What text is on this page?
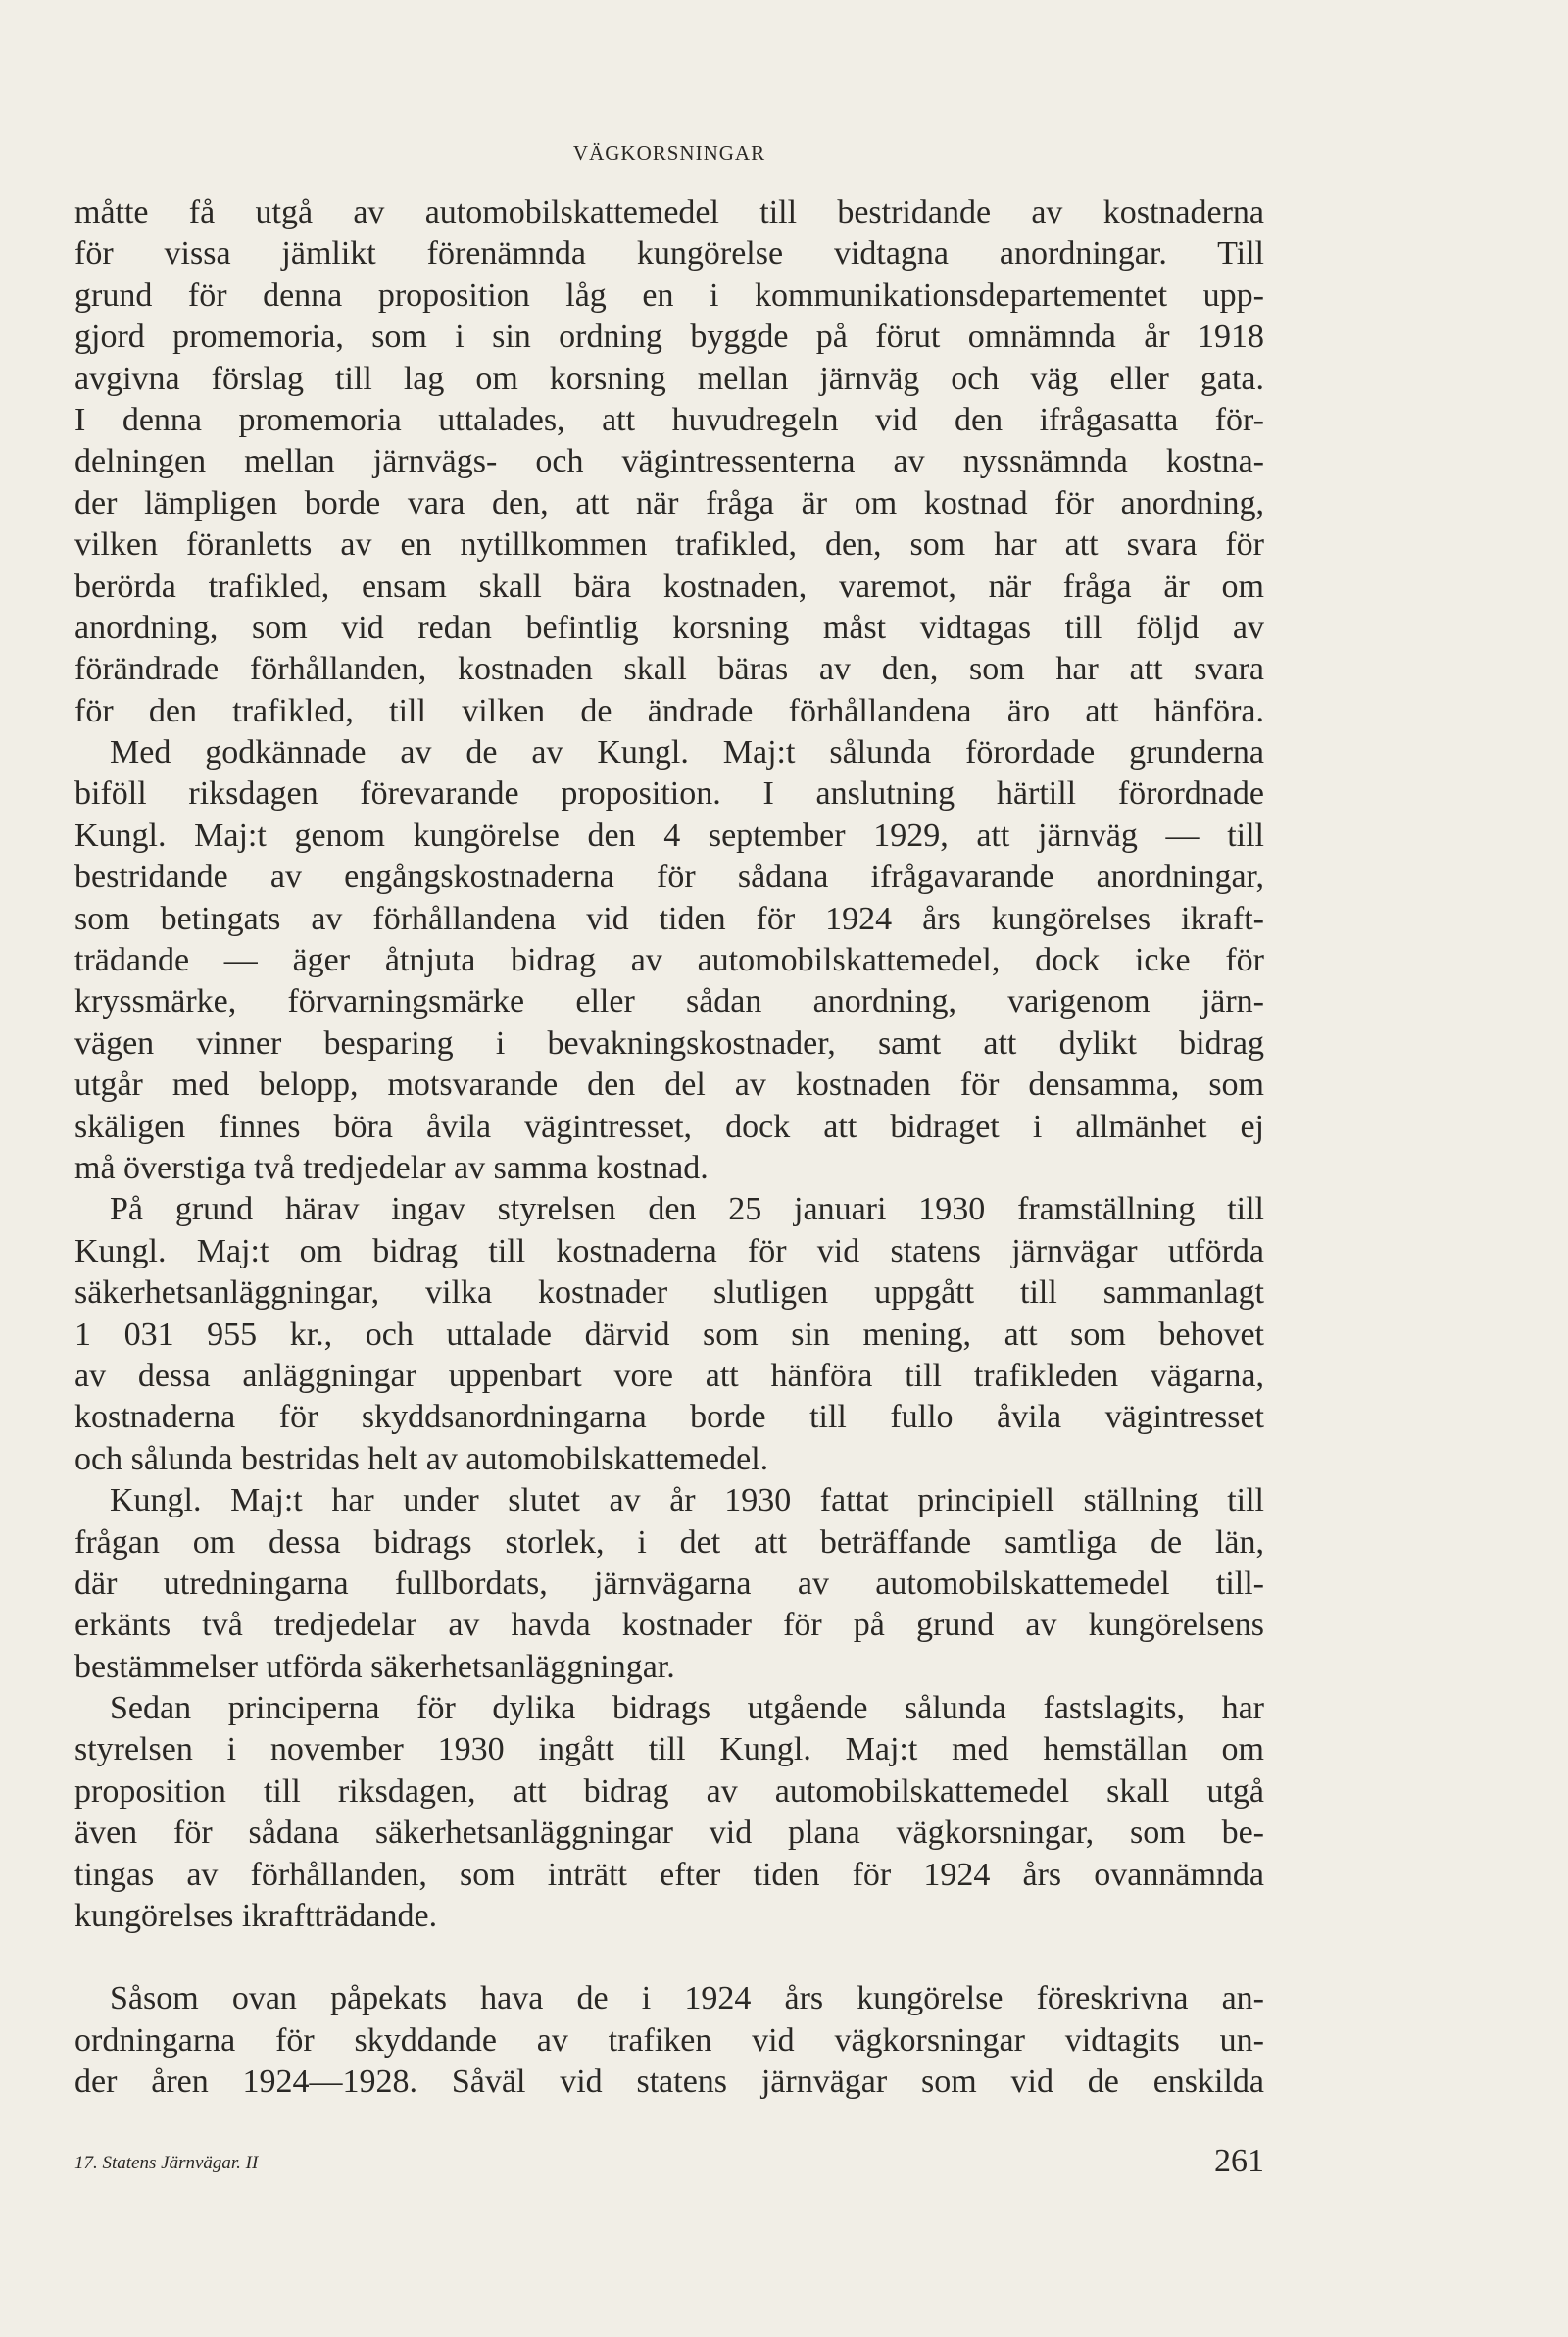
VÄGKORSNINGAR
måtte få utgå av automobilskattemedel till bestridande av kostnaderna
för vissa jämlikt förenämnda kungörelse vidtagna anordningar. Till
grund för denna proposition låg en i kommunikationsdepartementet upp-
gjord promemoria, som i sin ordning byggde på förut omnämnda år 1918
avgivna förslag till lag om korsning mellan järnväg och väg eller gata.
I denna promemoria uttalades, att huvudregeln vid den ifrågasatta för-
delningen mellan järnvägs- och vägintressenterna av nyssnämnda kostna-
der lämpligen borde vara den, att när fråga är om kostnad för anordning,
vilken föranletts av en nytillkommen trafikled, den, som har att svara för
berörda trafikled, ensam skall bära kostnaden, varemot, när fråga är om
anordning, som vid redan befintlig korsning måst vidtagas till följd av
förändrade förhållanden, kostnaden skall bäras av den, som har att svara
för den trafikled, till vilken de ändrade förhållandena äro att hänföra.
Med godkännade av de av Kungl. Maj:t sålunda förordade grunderna
biföll riksdagen förevarande proposition. I anslutning härtill förordnade
Kungl. Maj:t genom kungörelse den 4 september 1929, att järnväg — till
bestridande av engångskostnaderna för sådana ifrågavarande anordningar,
som betingats av förhållandena vid tiden för 1924 års kungörelses ikraft-
trädande — äger åtnjuta bidrag av automobilskattemedel, dock icke för
kryssmärke, förvarningsmärke eller sådan anordning, varigenom järn-
vägen vinner besparing i bevakningskostnader, samt att dylikt bidrag
utgår med belopp, motsvarande den del av kostnaden för densamma, som
skäligen finnes böra åvila vägintresset, dock att bidraget i allmänhet ej
må överstiga två tredjedelar av samma kostnad.
På grund härav ingav styrelsen den 25 januari 1930 framställning till
Kungl. Maj:t om bidrag till kostnaderna för vid statens järnvägar utförda
säkerhetsanläggningar, vilka kostnader slutligen uppgått till sammanlagt
1 031 955 kr., och uttalade därvid som sin mening, att som behovet
av dessa anläggningar uppenbart vore att hänföra till trafikleden vägarna,
kostnaderna för skyddsanordningarna borde till fullo åvila vägintresset
och sålunda bestridas helt av automobilskattemedel.
Kungl. Maj:t har under slutet av år 1930 fattat principiell ställning till
frågan om dessa bidrags storlek, i det att beträffande samtliga de län,
där utredningarna fullbordats, järnvägarna av automobilskattemedel till-
erkänts två tredjedelar av havda kostnader för på grund av kungörelsens
bestämmelser utförda säkerhetsanläggningar.
Sedan principerna för dylika bidrags utgående sålunda fastslagits, har
styrelsen i november 1930 ingått till Kungl. Maj:t med hemställan om
proposition till riksdagen, att bidrag av automobilskattemedel skall utgå
även för sådana säkerhetsanläggningar vid plana vägkorsningar, som be-
tingas av förhållanden, som inträtt efter tiden för 1924 års ovannämnda
kungörelses ikraftträdande.
Såsom ovan påpekats hava de i 1924 års kungörelse föreskrivna an-
ordningarna för skyddande av trafiken vid vägkorsningar vidtagits un-
der åren 1924—1928. Såväl vid statens järnvägar som vid de enskilda
17. Statens Järnvägar. II	261
